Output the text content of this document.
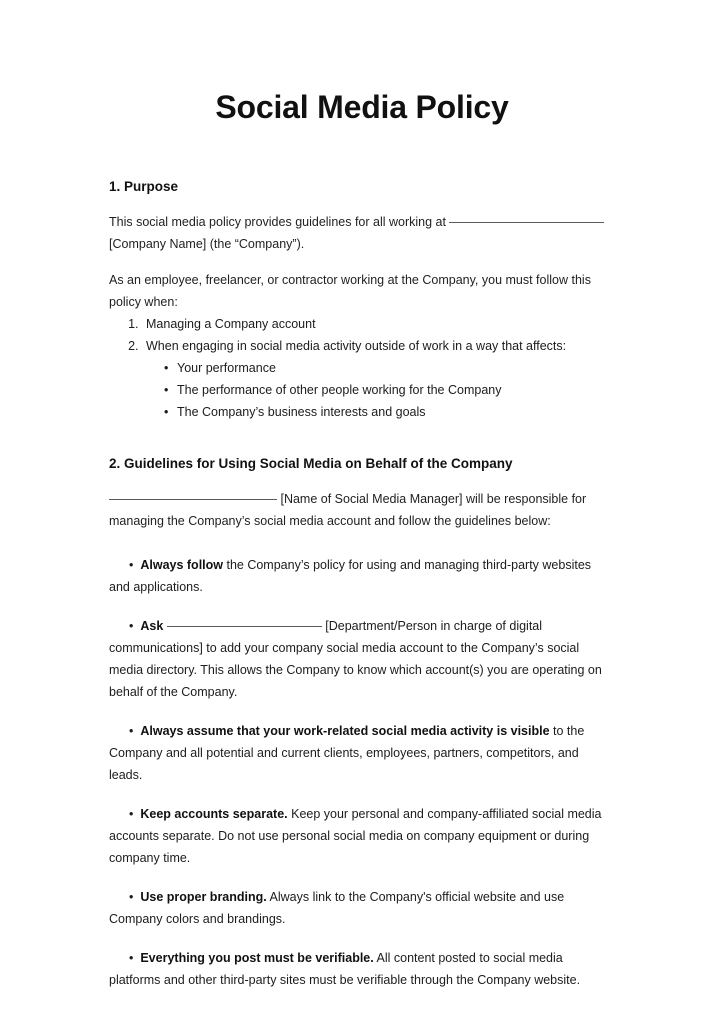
Social Media Policy
1. Purpose

This social media policy provides guidelines for all working at
[Company Name] (the “Company”).

As an employee, freelancer, or contractor working at the Company, you must follow this policy when:

1. Managing a Company account
2. When engaging in social media activity outside of work in a way that affects:
• Your performance
• The performance of other people working for the Company
• The Company’s business interests and goals
2. Guidelines for Using Social Media on Behalf of the Company

[Name of Social Media Manager] will be responsible for managing the Company’s social media account and follow the guidelines below:

• Always follow the Company’s policy for using and managing third-party websites and applications.
• Ask	[Department/Person in charge of digital communications] to add your company social media account to the Company’s social media directory. This allows the Company to know which account(s) you are operating on behalf of the Company.
• Always assume that your work-related social media activity is visible to the Company and all potential and current clients, employees, partners, competitors, and leads.
• Keep accounts separate. Keep your personal and company-affiliated social media accounts separate. Do not use personal social media on company equipment or during company time.
• Use proper branding. Always link to the Company's official website and use Company colors and brandings.
• Everything you post must be verifiable. All content posted to social media platforms and other third-party sites must be verifiable through the Company website.
